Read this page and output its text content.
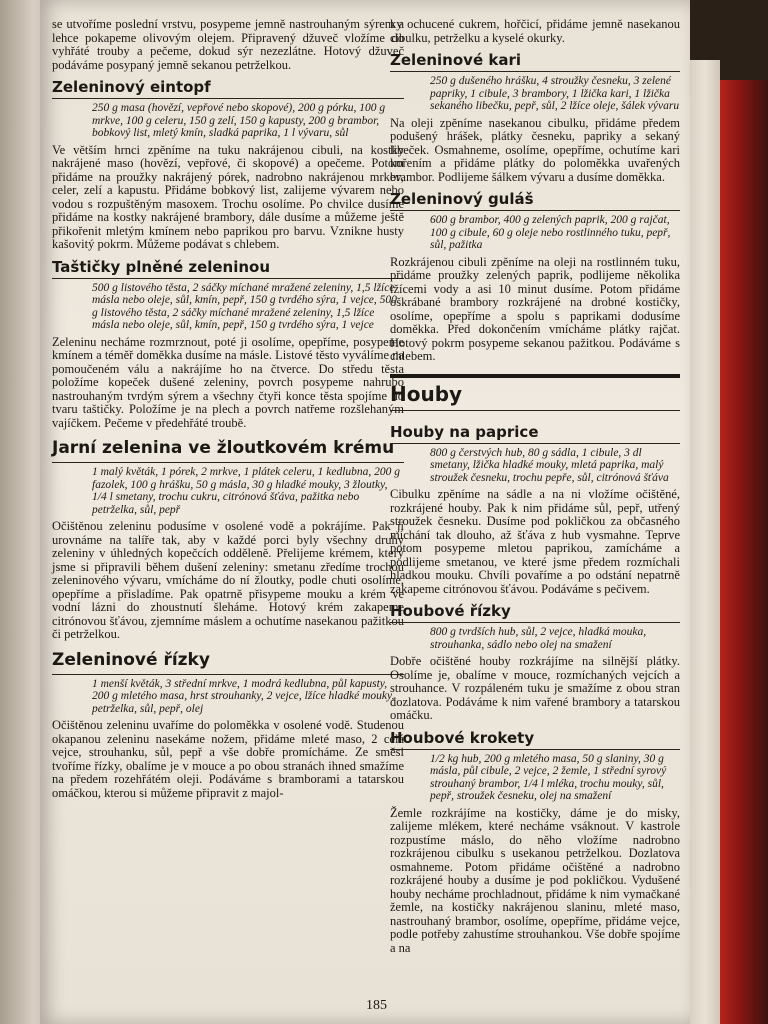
se utvoříme poslední vrstvu, posypeme jemně nastrouhaným sýrem a lehce pokapeme olivovým olejem. Připravený džuveč vložíme do vyhřáté trouby a pečeme, dokud sýr nezezlátne. Hotový džuveč podáváme posypaný jemně sekanou petrželkou.

Zeleninový eintopf

250 g masa (hovězí, vepřové nebo skopové), 200 g pórku, 100 g mrkve, 100 g celeru, 150 g zelí, 150 g kapusty, 200 g brambor, bobkový list, mletý kmín, sladká paprika, 1 l vývaru, sůl

Ve větším hrnci zpěníme na tuku nakrájenou cibuli, na kostky nakrájené maso (hovězí, vepřové, či skopové) a opečeme. Potom přidáme na proužky nakrájený pórek, nadrobno nakrájenou mrkev, celer, zelí a kapustu. Přidáme bobkový list, zalijeme vývarem nebo vodou s rozpuštěným masoxem. Trochu osolíme. Po chvilce dusíme přidáme na kostky nakrájené brambory, dále dusíme a můžeme ještě přikořenit mletým kmínem nebo paprikou pro barvu. Vznikne husty kašovitý pokrm. Můžeme podávat s chlebem.

Taštičky plněné zeleninou

500 g listového těsta, 2 sáčky míchané mražené zeleniny, 1,5 lžíce másla nebo oleje, sůl, kmín, pepř, 150 g tvrdého sýra, 1 vejce, 500 g listového těsta, 2 sáčky míchané mražené zeleniny, 1,5 lžíce másla nebo oleje, sůl, kmín, pepř, 150 g tvrdého sýra, 1 vejce

Zeleninu necháme rozmrznout, poté ji osolíme, opepříme, posypeme kmínem a téměř doměkka dusíme na másle. Listové těsto vyválíme na pomoučeném válu a nakrájíme ho na čtverce. Do středu těsta položíme kopeček dušené zeleniny, povrch posypeme nahrubo nastrouhaným tvrdým sýrem a všechny čtyři konce těsta spojíme do tvaru taštičky. Položíme je na plech a povrch natřeme rozšlehaným vajíčkem. Pečeme v předehřáté troubě.

Jarní zelenina ve žloutkovém krému

1 malý květák, 1 pórek, 2 mrkve, 1 plátek celeru, 1 kedlubna, 200 g fazolek, 100 g hrášku, 50 g másla, 30 g hladké mouky, 3 žloutky, 1/4 l smetany, trochu cukru, citrónová šťáva, pažitka nebo petrželka, sůl, pepř

Očištěnou zeleninu podusíme v osolené vodě a pokrájíme. Pak ji urovnáme na talíře tak, aby v každé porci byly všechny druhy zeleniny v úhledných kopečcích odděleně. Přelijeme krémem, který jsme si připravili během dušení zeleniny: smetanu zředíme trochou zeleninového vývaru, vmícháme do ní žloutky, podle chuti osolíme, opepříme a přisladíme. Pak opatrně přisypeme mouku a krém ve vodní lázni do zhoustnutí šleháme. Hotový krém zakapeme citrónovou šťávou, zjemníme máslem a ochutíme nasekanou pažitkou či petrželkou.

Zeleninové řízky

1 menší květák, 3 střední mrkve, 1 modrá kedlubna, půl kapusty, 200 g mletého masa, hrst strouhanky, 2 vejce, lžíce hladké mouky, petrželka, sůl, pepř, olej

Očištěnou zeleninu uvaříme do poloměkka v osolené vodě. Studenou okapanou zeleninu nasekáme nožem, přidáme mleté maso, 2 celá vejce, strouhanku, sůl, pepř a vše dobře promícháme. Ze směsi tvoříme řízky, obalíme je v mouce a po obou stranách ihned smažíme na předem rozehřátém oleji. Podáváme s bramborami a tatarskou omáčkou, kterou si můžeme připravit z majol-

ky ochucené cukrem, hořčicí, přidáme jemně nasekanou cibulku, petrželku a kyselé okurky.

Zeleninové kari

250 g dušeného hrášku, 4 stroužky česneku, 3 zelené papriky, 1 cibule, 3 brambory, 1 lžička kari, 1 lžička sekaného libečku, pepř, sůl, 2 lžíce oleje, šálek vývaru

Na oleji zpěníme nasekanou cibulku, přidáme předem podušený hrášek, plátky česneku, papriky a sekaný libeček. Osmahneme, osolíme, opepříme, ochutíme kari kořením a přidáme plátky do poloměkka uvařených brambor. Podlijeme šálkem vývaru a dusíme doměkka.

Zeleninový guláš

600 g brambor, 400 g zelených paprik, 200 g rajčat, 100 g cibule, 60 g oleje nebo rostlinného tuku, pepř, sůl, pažitka

Rozkrájenou cibuli zpěníme na oleji na rostlinném tuku, přidáme proužky zelených paprik, podlijeme několika lžícemi vody a asi 10 minut dusíme. Potom přidáme oškrábané brambory rozkrájené na drobné kostičky, osolíme, opepříme a spolu s paprikami dodusíme doměkka. Před dokončením vmícháme plátky rajčat. Hotový pokrm posypeme sekanou pažitkou. Podáváme s chlebem.

Houby
Houby na paprice

800 g čerstvých hub, 80 g sádla, 1 cibule, 3 dl smetany, lžička hladké mouky, mletá paprika, malý stroužek česneku, trochu pepře, sůl, citrónová šťáva

Cibulku zpěníme na sádle a na ni vložíme očištěné, rozkrájené houby. Pak k nim přidáme sůl, pepř, utřený stroužek česneku. Dusíme pod pokličkou za občasného míchání tak dlouho, až šťáva z hub vysmahne. Teprve potom posypeme mletou paprikou, zamícháme a podlijeme smetanou, ve které jsme předem rozmíchali hladkou mouku. Chvíli povaříme a po odstání nepatrně zakapeme citrónovou šťávou. Podáváme s pečivem.

Houbové řízky

800 g tvrdších hub, sůl, 2 vejce, hladká mouka, strouhanka, sádlo nebo olej na smažení

Dobře očištěné houby rozkrájíme na silnější plátky. Osolíme je, obalíme v mouce, rozmíchaných vejcích a strouhance. V rozpáleném tuku je smažíme z obou stran dozlatova. Podáváme k nim vařené brambory a tatarskou omáčku.

Houbové krokety

1/2 kg hub, 200 g mletého masa, 50 g slaniny, 30 g másla, půl cibule, 2 vejce, 2 žemle, 1 střední syrový strouhaný brambor, 1/4 l mléka, trochu mouky, sůl, pepř, stroužek česneku, olej na smažení

Žemle rozkrájíme na kostičky, dáme je do misky, zalijeme mlékem, které necháme vsáknout. V kastrole rozpustíme máslo, do něho vložíme nadrobno rozkrájenou cibulku s usekanou petrželkou. Dozlatova osmahneme. Potom přidáme očištěné a nadrobno rozkrájené houby a dusíme je pod pokličkou. Vydušené houby necháme prochladnout, přidáme k nim vymačkané žemle, na kostičky nakrájenou slaninu, mleté maso, nastrouhaný brambor, osolíme, opepříme, přidáme vejce, podle potřeby zahustíme strouhankou. Vše dobře spojíme a na

185
